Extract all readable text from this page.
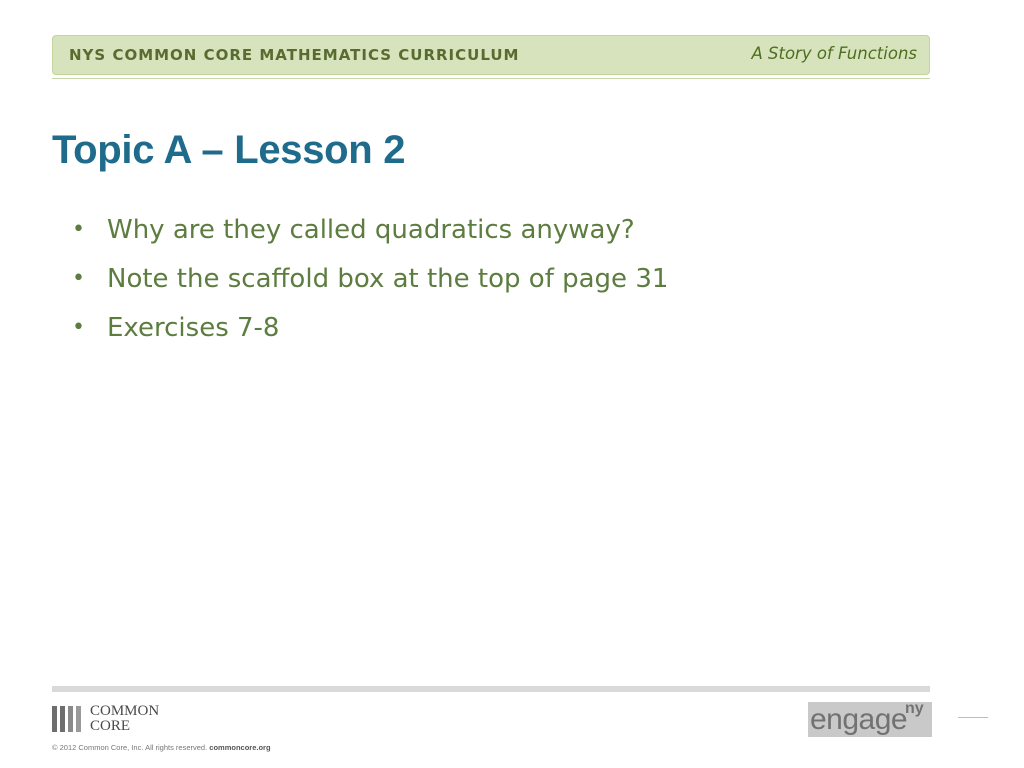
NYS COMMON CORE MATHEMATICS CURRICULUM	A Story of Functions
Topic A – Lesson 2
• Why are they called quadratics anyway?
• Note the scaffold box at the top of page 31
• Exercises 7-8
COMMON
CORE
© 2012 Common Core, Inc. All rights reserved. commoncore.org
engage
ny
